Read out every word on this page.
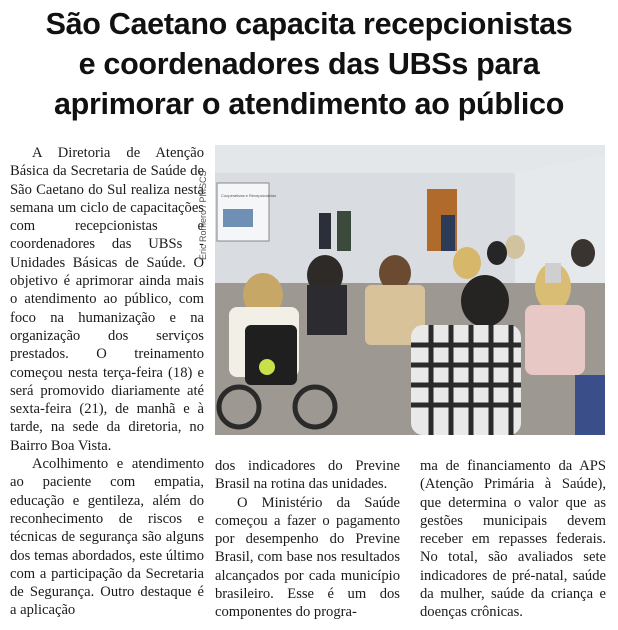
São Caetano capacita recepcionistas
e coordenadores das UBSs para
aprimorar o atendimento ao público

A Diretoria de Atenção Básica da Secretaria de Saúde de São Caetano do Sul realiza nesta semana um ciclo de capacitações com recepcionistas e coordenadores das UBSs - Unidades Básicas de Saúde. O objetivo é aprimorar ainda mais o atendimento ao público, com foco na humanização e na organização dos serviços prestados. O treinamento começou nesta terça-feira (18) e será promovido diariamente até sexta-feira (21), de manhã e à tarde, na sede da diretoria, no Bairro Boa Vista.

Acolhimento e atendimento ao paciente com empatia, educação e gentileza, além do reconhecimento de riscos e técnicas de segurança são alguns dos temas abordados, este último com a participação da Secretaria de Segurança. Outro destaque é a aplicação

Eric Romero / PMSCS	Cooperativas e Recepcionistas

dos indicadores do Previne Brasil na rotina das unidades.

O Ministério da Saúde começou a fazer o pagamento por desempenho do Previne Brasil, com base nos resultados alcançados por cada município brasileiro. Esse é um dos componentes do progra-

ma de financiamento da APS (Atenção Primária à Saúde), que determina o valor que as gestões municipais devem receber em repasses federais. No total, são avaliados sete indicadores de pré-natal, saúde da mulher, saúde da criança e doenças crônicas.
